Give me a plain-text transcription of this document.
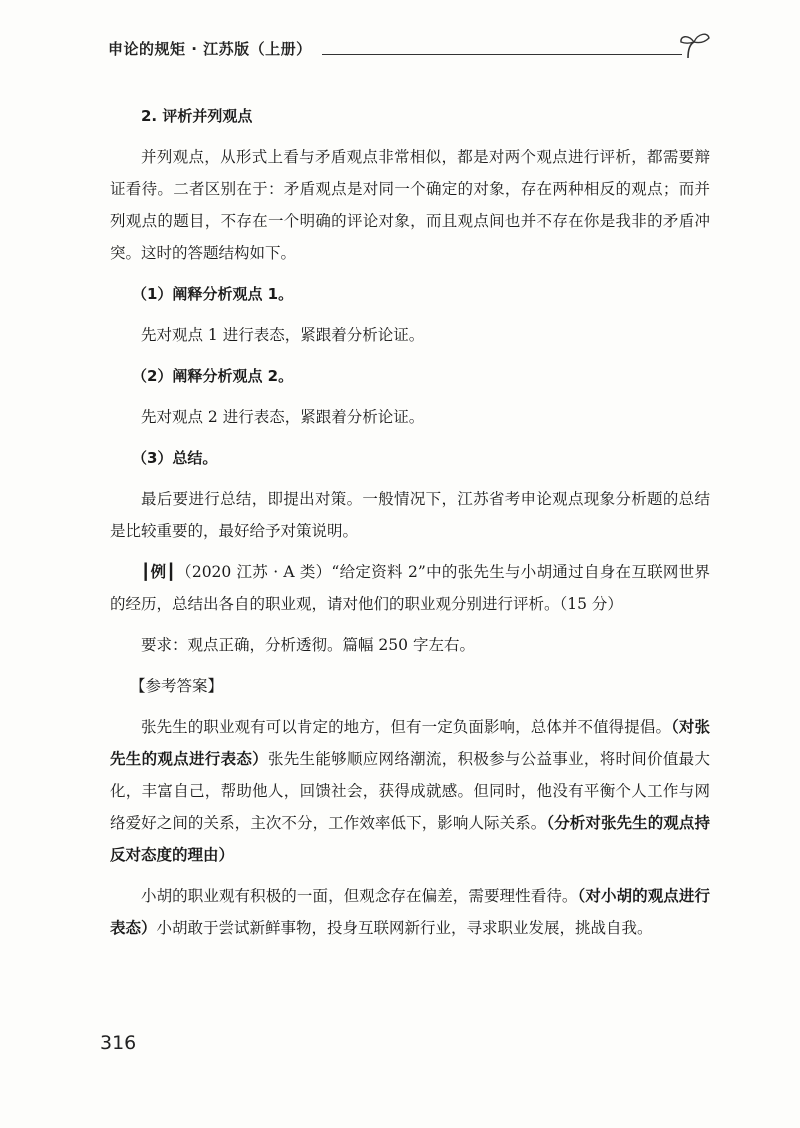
申论的规矩 · 江苏版（上册）

2. 评析并列观点

并列观点，从形式上看与矛盾观点非常相似，都是对两个观点进行评析，都需要辩证看待。二者区别在于：矛盾观点是对同一个确定的对象，存在两种相反的观点；而并列观点的题目，不存在一个明确的评论对象，而且观点间也并不存在你是我非的矛盾冲突。这时的答题结构如下。

（1）阐释分析观点 1。

先对观点 1 进行表态，紧跟着分析论证。

（2）阐释分析观点 2。

先对观点 2 进行表态，紧跟着分析论证。

（3）总结。

最后要进行总结，即提出对策。一般情况下，江苏省考申论观点现象分析题的总结是比较重要的，最好给予对策说明。

┃例┃（2020 江苏 · A 类）“给定资料 2”中的张先生与小胡通过自身在互联网世界的经历，总结出各自的职业观，请对他们的职业观分别进行评析。（15 分）

要求：观点正确，分析透彻。篇幅 250 字左右。

【参考答案】

张先生的职业观有可以肯定的地方，但有一定负面影响，总体并不值得提倡。（对张先生的观点进行表态）张先生能够顺应网络潮流，积极参与公益事业，将时间价值最大化，丰富自己，帮助他人，回馈社会，获得成就感。但同时，他没有平衡个人工作与网络爱好之间的关系，主次不分，工作效率低下，影响人际关系。（分析对张先生的观点持反对态度的理由）

小胡的职业观有积极的一面，但观念存在偏差，需要理性看待。（对小胡的观点进行表态）小胡敢于尝试新鲜事物，投身互联网新行业，寻求职业发展，挑战自我。

316
